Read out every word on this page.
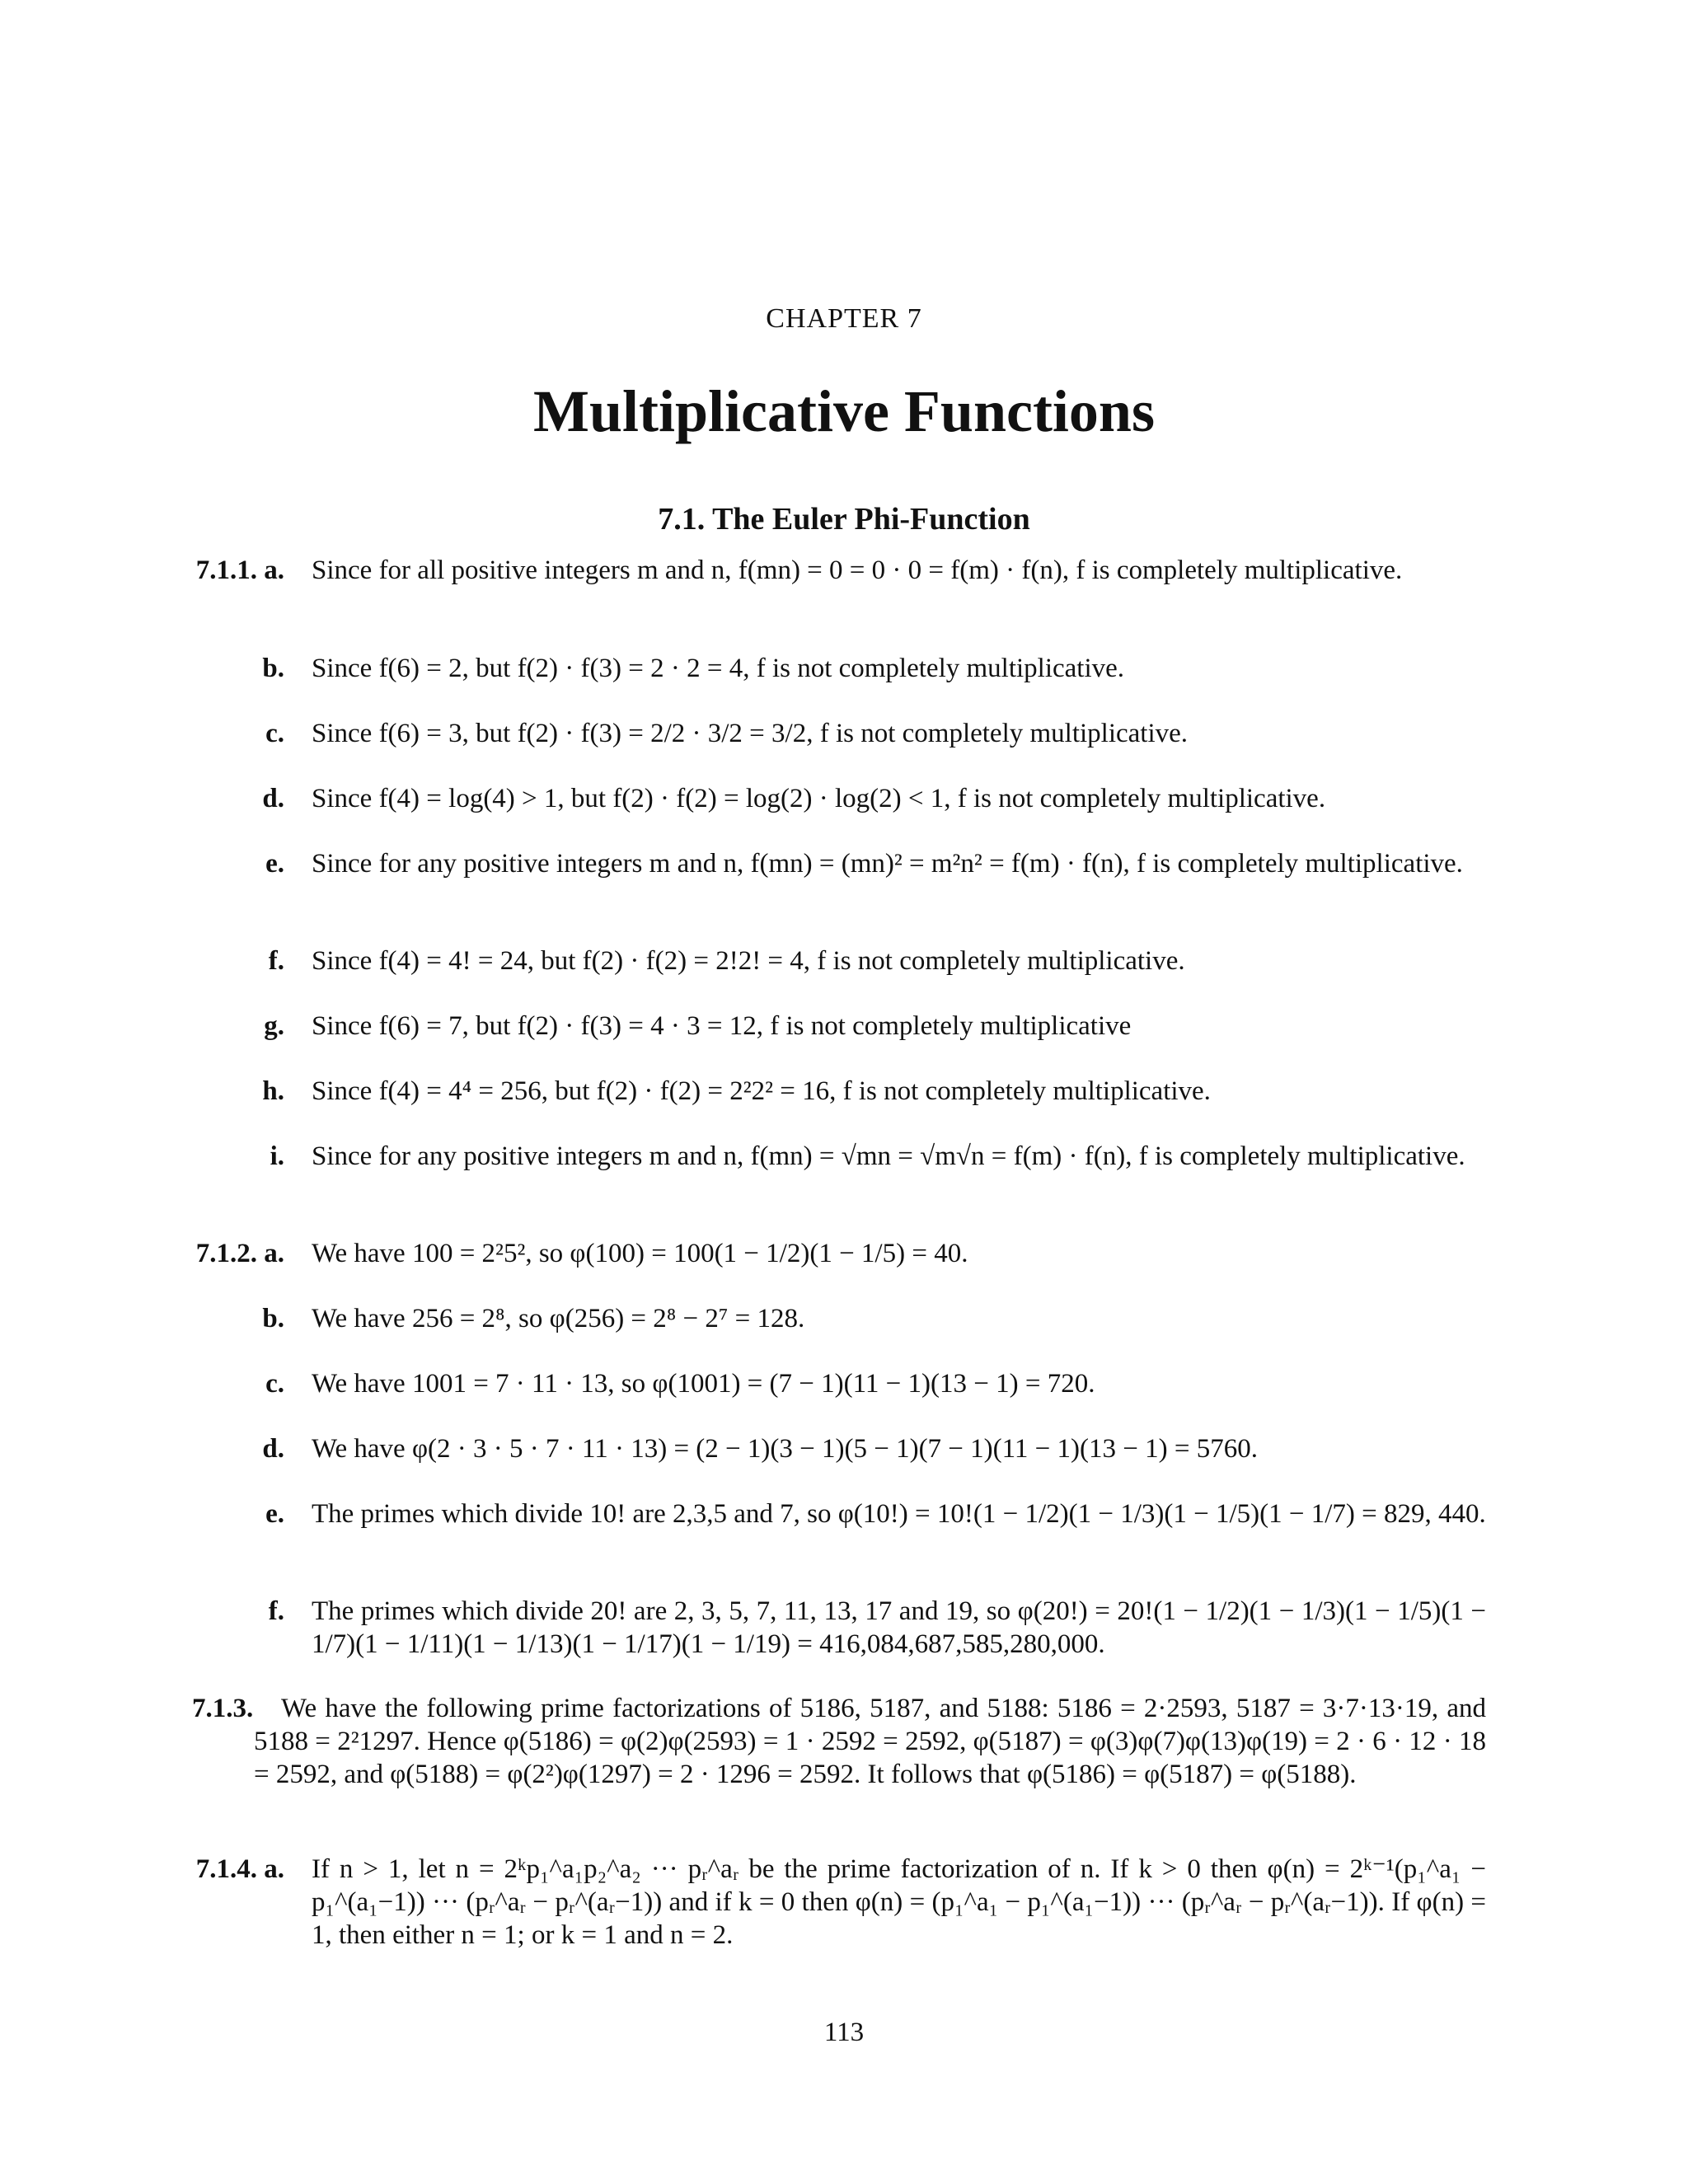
CHAPTER 7
Multiplicative Functions
7.1. The Euler Phi-Function
7.1.1. a. Since for all positive integers m and n, f(mn) = 0 = 0 · 0 = f(m) · f(n), f is completely multiplicative.
b. Since f(6) = 2, but f(2) · f(3) = 2 · 2 = 4, f is not completely multiplicative.
c. Since f(6) = 3, but f(2) · f(3) = 2/2 · 3/2 = 3/2, f is not completely multiplicative.
d. Since f(4) = log(4) > 1, but f(2) · f(2) = log(2) · log(2) < 1, f is not completely multiplicative.
e. Since for any positive integers m and n, f(mn) = (mn)² = m²n² = f(m) · f(n), f is completely multiplicative.
f. Since f(4) = 4! = 24, but f(2) · f(2) = 2!2! = 4, f is not completely multiplicative.
g. Since f(6) = 7, but f(2) · f(3) = 4 · 3 = 12, f is not completely multiplicative
h. Since f(4) = 4⁴ = 256, but f(2) · f(2) = 2²2² = 16, f is not completely multiplicative.
i. Since for any positive integers m and n, f(mn) = √mn = √m√n = f(m) · f(n), f is completely multiplicative.
7.1.2. a. We have 100 = 2²5², so φ(100) = 100(1 − 1/2)(1 − 1/5) = 40.
b. We have 256 = 2⁸, so φ(256) = 2⁸ − 2⁷ = 128.
c. We have 1001 = 7 · 11 · 13, so φ(1001) = (7 − 1)(11 − 1)(13 − 1) = 720.
d. We have φ(2 · 3 · 5 · 7 · 11 · 13) = (2 − 1)(3 − 1)(5 − 1)(7 − 1)(11 − 1)(13 − 1) = 5760.
e. The primes which divide 10! are 2,3,5 and 7, so φ(10!) = 10!(1 − 1/2)(1 − 1/3)(1 − 1/5)(1 − 1/7) = 829, 440.
f. The primes which divide 20! are 2, 3, 5, 7, 11, 13, 17 and 19, so φ(20!) = 20!(1 − 1/2)(1 − 1/3)(1 − 1/5)(1 − 1/7)(1 − 1/11)(1 − 1/13)(1 − 1/17)(1 − 1/19) = 416,084,687,585,280,000.
7.1.3.	We have the following prime factorizations of 5186, 5187, and 5188: 5186 = 2·2593, 5187 = 3·7·13·19, and 5188 = 2²1297. Hence φ(5186) = φ(2)φ(2593) = 1 · 2592 = 2592, φ(5187) = φ(3)φ(7)φ(13)φ(19) = 2 · 6 · 12 · 18 = 2592, and φ(5188) = φ(2²)φ(1297) = 2 · 1296 = 2592. It follows that φ(5186) = φ(5187) = φ(5188).
7.1.4. a. If n > 1, let n = 2ᵏp₁^a₁p₂^a₂ ··· pᵣ^aᵣ be the prime factorization of n. If k > 0 then φ(n) = 2ᵏ⁻¹(p₁^a₁ − p₁^(a₁−1)) ··· (pᵣ^aᵣ − pᵣ^(aᵣ−1)) and if k = 0 then φ(n) = (p₁^a₁ − p₁^(a₁−1)) ··· (pᵣ^aᵣ − pᵣ^(aᵣ−1)). If φ(n) = 1, then either n = 1; or k = 1 and n = 2.
113
